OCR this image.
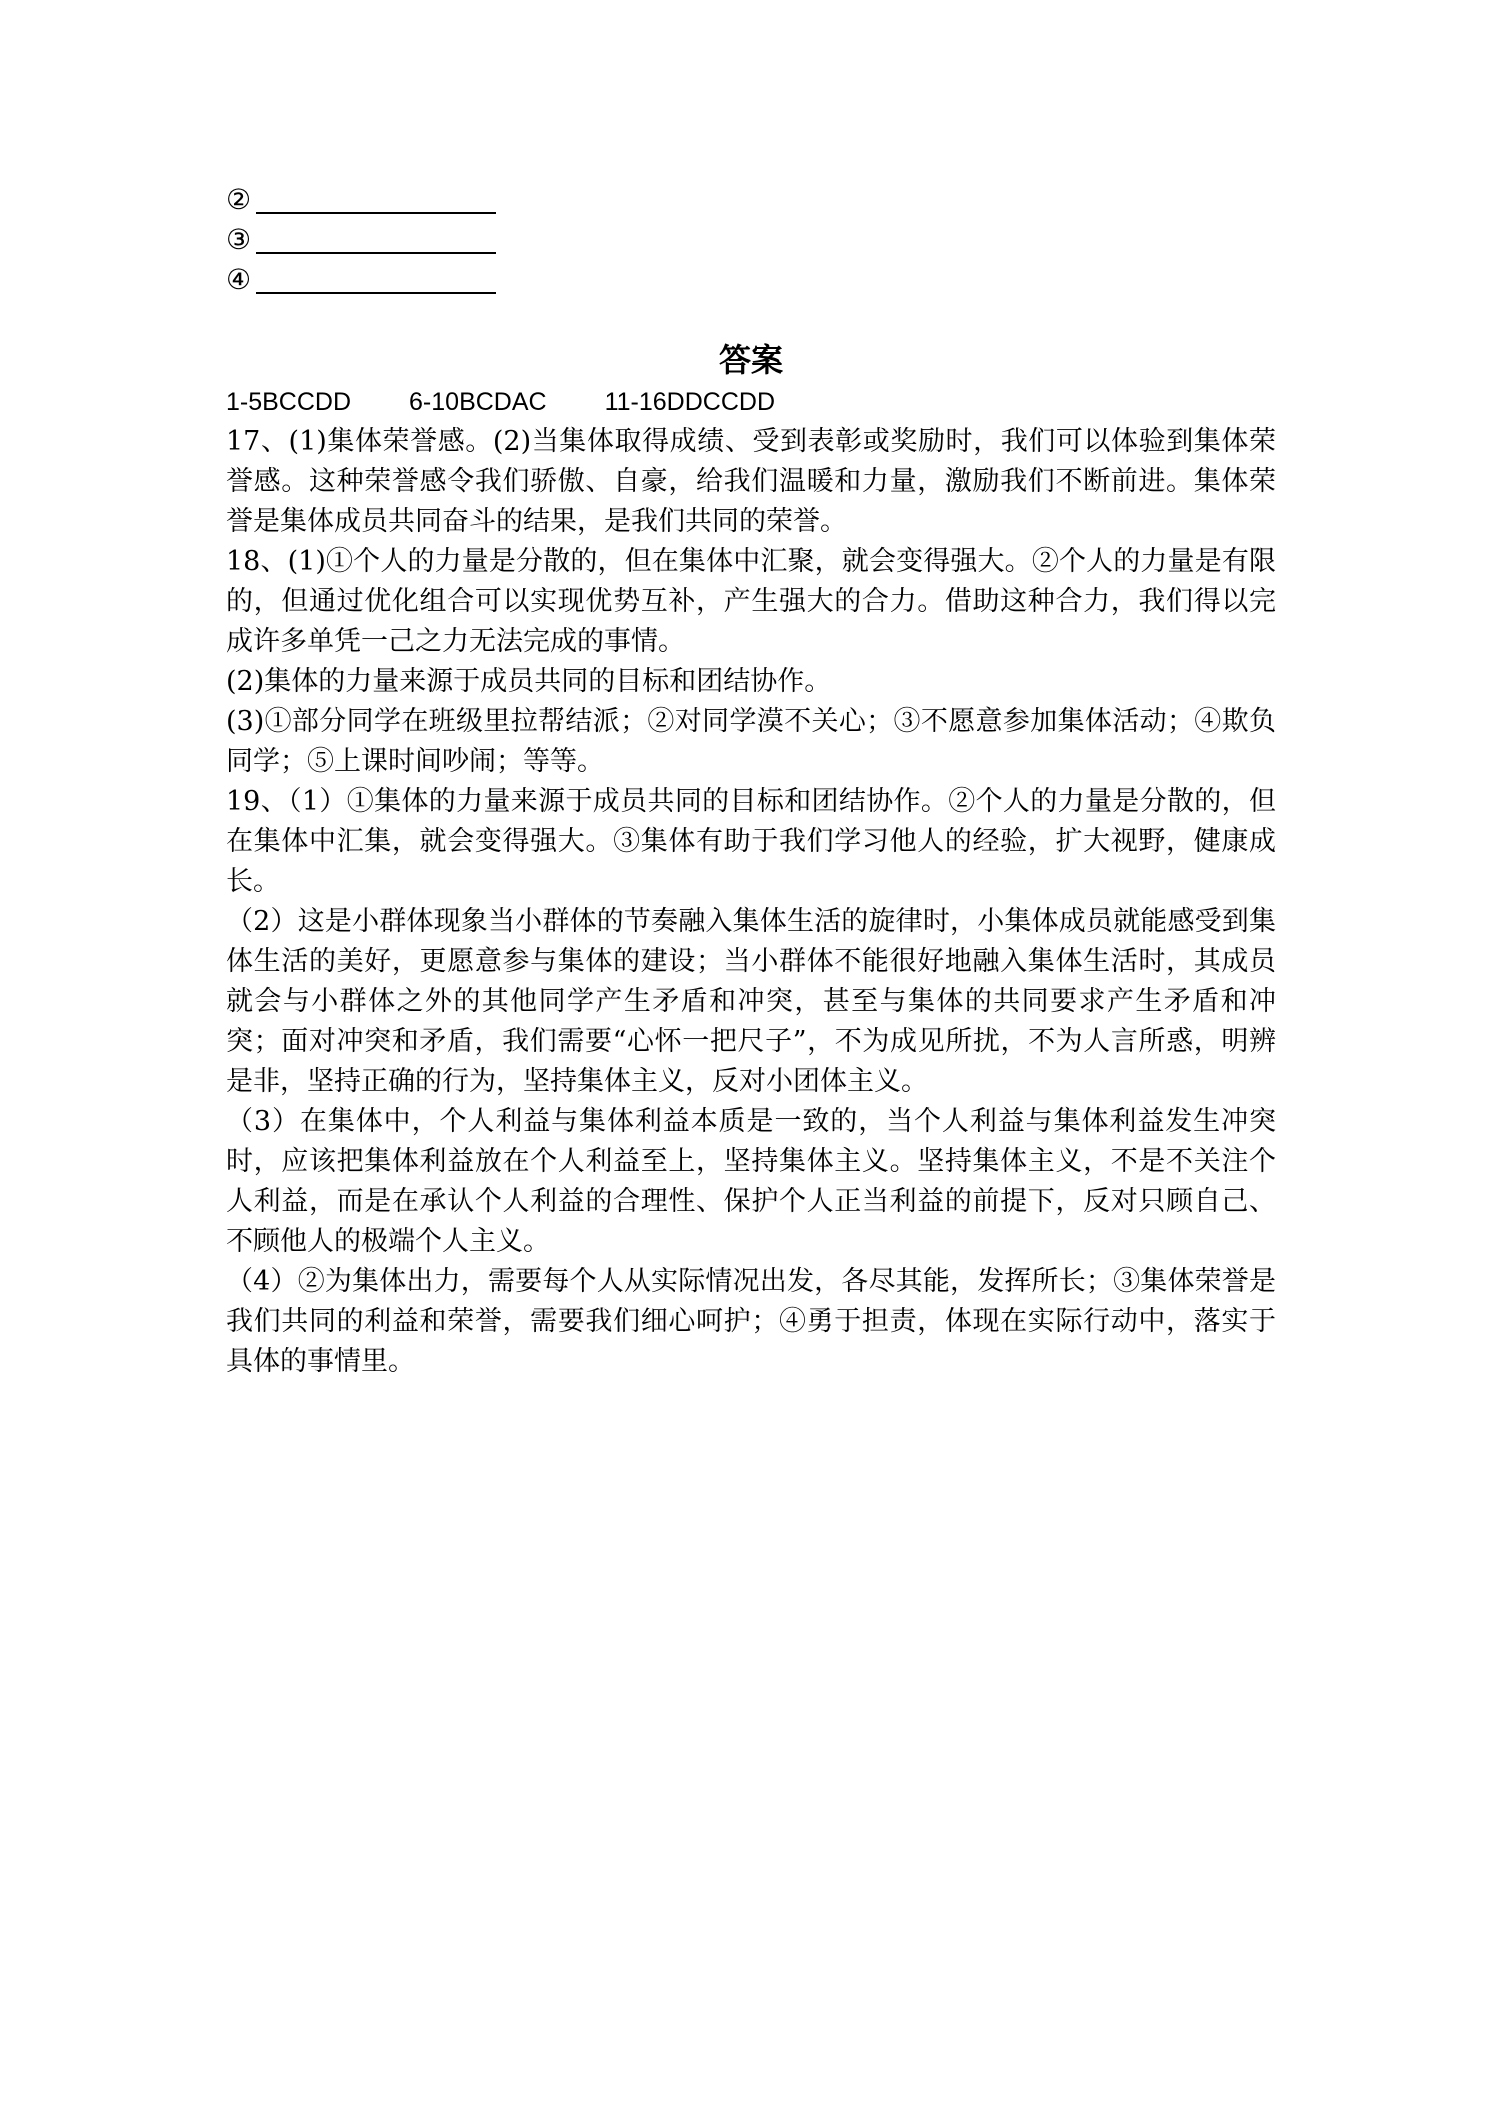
②
③
④
答案
1-5BCCDD 6-10BCDAC 11-16DDCCDD

17、(1)集体荣誉感。(2)当集体取得成绩、受到表彰或奖励时，我们可以体验到集体荣誉感。这种荣誉感令我们骄傲、自豪，给我们温暖和力量，激励我们不断前进。集体荣誉是集体成员共同奋斗的结果，是我们共同的荣誉。

18、(1)①个人的力量是分散的，但在集体中汇聚，就会变得强大。②个人的力量是有限的，但通过优化组合可以实现优势互补，产生强大的合力。借助这种合力，我们得以完成许多单凭一己之力无法完成的事情。

(2)集体的力量来源于成员共同的目标和团结协作。

(3)①部分同学在班级里拉帮结派；②对同学漠不关心；③不愿意参加集体活动；④欺负同学；⑤上课时间吵闹；等等。

19、（1）①集体的力量来源于成员共同的目标和团结协作。②个人的力量是分散的，但在集体中汇集，就会变得强大。③集体有助于我们学习他人的经验，扩大视野，健康成长。

（2）这是小群体现象当小群体的节奏融入集体生活的旋律时，小集体成员就能感受到集体生活的美好，更愿意参与集体的建设；当小群体不能很好地融入集体生活时，其成员就会与小群体之外的其他同学产生矛盾和冲突，甚至与集体的共同要求产生矛盾和冲突；面对冲突和矛盾，我们需要“心怀一把尺子”，不为成见所扰，不为人言所惑，明辨是非，坚持正确的行为，坚持集体主义，反对小团体主义。

（3）在集体中，个人利益与集体利益本质是一致的，当个人利益与集体利益发生冲突时，应该把集体利益放在个人利益至上，坚持集体主义。坚持集体主义，不是不关注个人利益，而是在承认个人利益的合理性、保护个人正当利益的前提下，反对只顾自己、不顾他人的极端个人主义。

（4）②为集体出力，需要每个人从实际情况出发，各尽其能，发挥所长；③集体荣誉是我们共同的利益和荣誉，需要我们细心呵护；④勇于担责，体现在实际行动中，落实于具体的事情里。
